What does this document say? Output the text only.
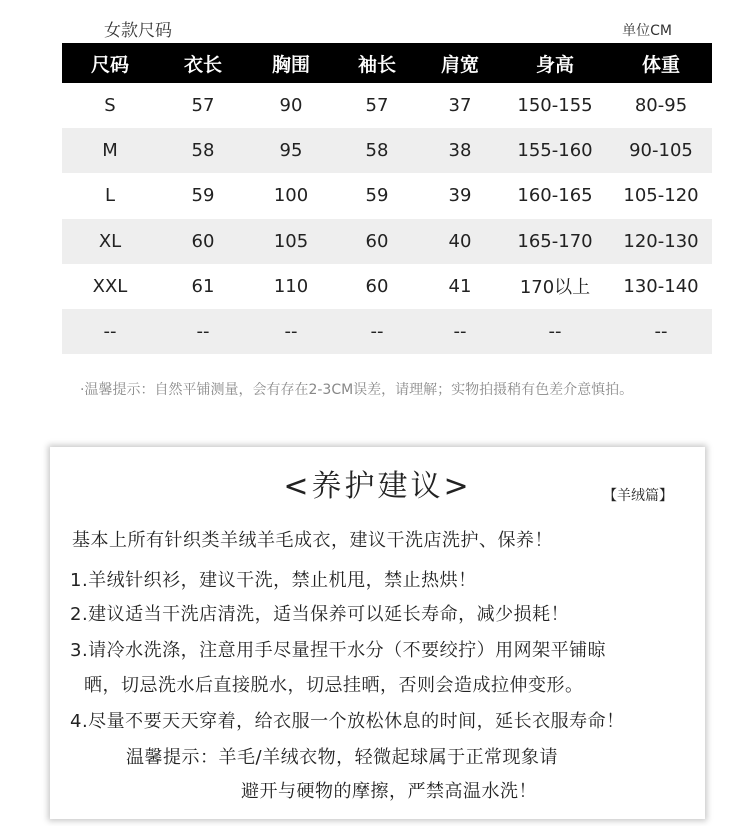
女款尺码	单位CM
尺码	衣长	胸围	袖长	肩宽	身高	体重
S	57	90	57	37	150-155	80-95
M	58	95	58	38	155-160	90-105
L	59	100	59	39	160-165	105-120
XL	60	105	60	40	165-170	120-130
XXL	61	110	60	41	170以上	130-140
--	--	--	--	--	--	--
·温馨提示：自然平铺测量，会有存在2-3CM误差，请理解；实物拍摄稍有色差介意慎拍。
<养护建议>	【羊绒篇】
基本上所有针织类羊绒羊毛成衣，建议干洗店洗护、保养！
1.羊绒针织衫，建议干洗，禁止机甩，禁止热烘！
2.建议适当干洗店清洗，适当保养可以延长寿命，减少损耗！
3.请冷水洗涤，注意用手尽量捏干水分（不要绞拧）用网架平铺晾
晒，切忌洗水后直接脱水，切忌挂晒，否则会造成拉伸变形。
4.尽量不要天天穿着，给衣服一个放松休息的时间，延长衣服寿命！
温馨提示：羊毛/羊绒衣物，轻微起球属于正常现象请
避开与硬物的摩擦，严禁高温水洗！
